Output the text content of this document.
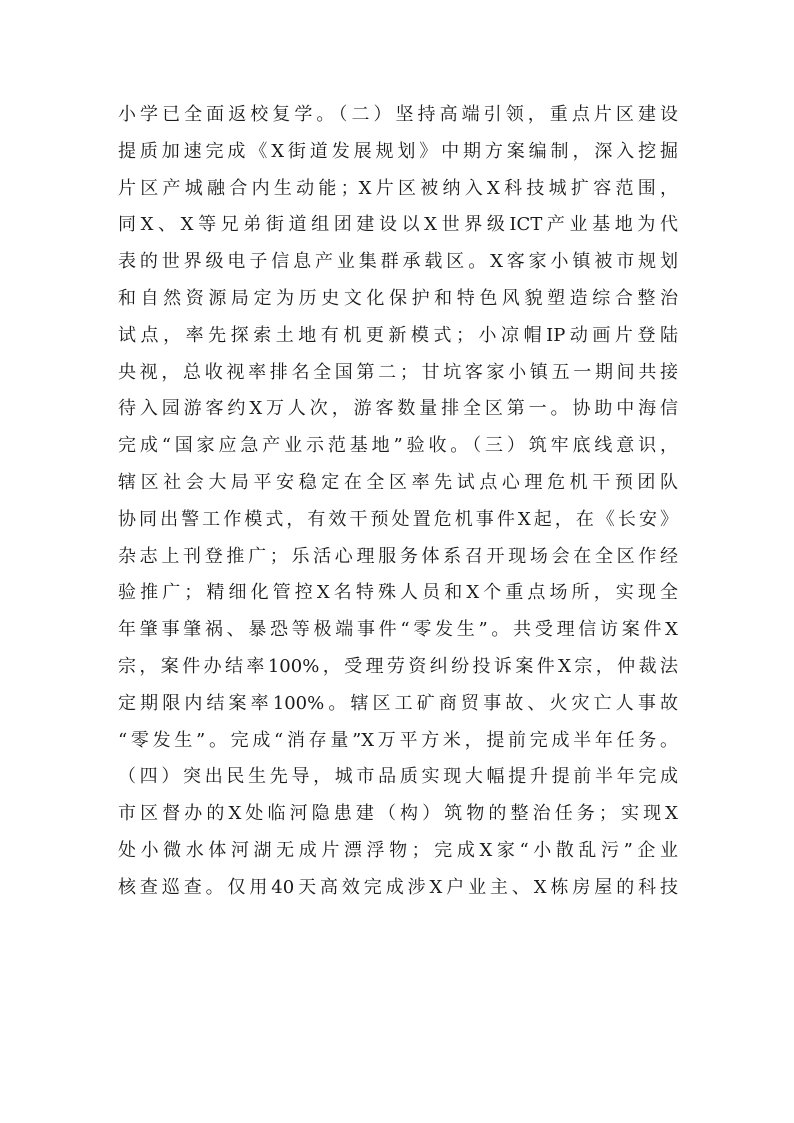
小学已全面返校复学。（二）坚持高端引领，重点片区建设
提质加速完成《X街道发展规划》中期方案编制，深入挖掘
片区产城融合内生动能；X片区被纳入X科技城扩容范围，
同X、X等兄弟街道组团建设以X世界级ICT产业基地为代
表的世界级电子信息产业集群承载区。X客家小镇被市规划
和自然资源局定为历史文化保护和特色风貌塑造综合整治
试点，率先探索土地有机更新模式；小凉帽IP动画片登陆
央视，总收视率排名全国第二；甘坑客家小镇五一期间共接
待入园游客约X万人次，游客数量排全区第一。协助中海信
完成“国家应急产业示范基地”验收。（三）筑牢底线意识，
辖区社会大局平安稳定在全区率先试点心理危机干预团队
协同出警工作模式，有效干预处置危机事件X起，在《长安》
杂志上刊登推广；乐活心理服务体系召开现场会在全区作经
验推广；精细化管控X名特殊人员和X个重点场所，实现全
年肇事肇祸、暴恐等极端事件“零发生”。共受理信访案件X
宗，案件办结率100%，受理劳资纠纷投诉案件X宗，仲裁法
定期限内结案率100%。辖区工矿商贸事故、火灾亡人事故
“零发生”。完成“消存量”X万平方米，提前完成半年任务。
（四）突出民生先导，城市品质实现大幅提升提前半年完成
市区督办的X处临河隐患建（构）筑物的整治任务；实现X
处小微水体河湖无成片漂浮物；完成X家“小散乱污”企业
核查巡查。仅用40天高效完成涉X户业主、X栋房屋的科技
